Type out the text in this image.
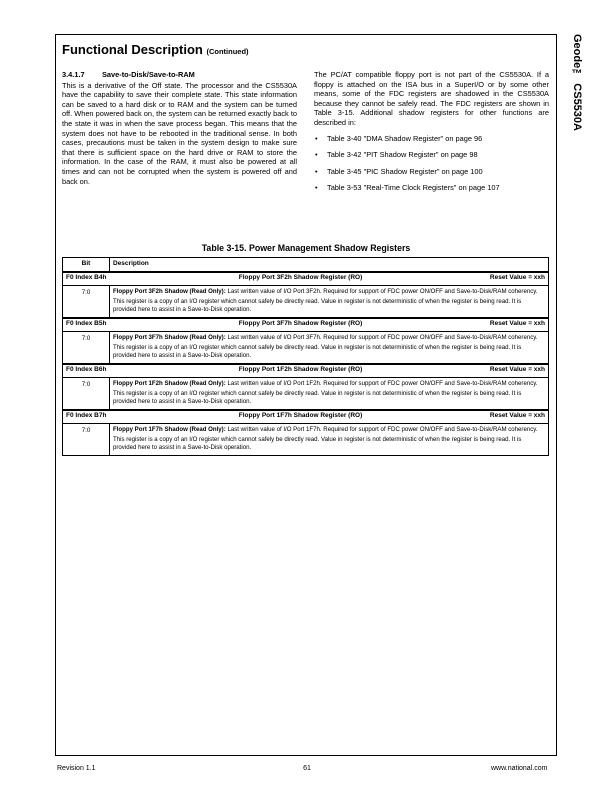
Geode™ CS5530A
Functional Description (Continued)
3.4.1.7 Save-to-Disk/Save-to-RAM
This is a derivative of the Off state. The processor and the CS5530A have the capability to save their complete state. This state information can be saved to a hard disk or to RAM and the system can be turned off. When powered back on, the system can be returned exactly back to the state it was in when the save process began. This means that the system does not have to be rebooted in the traditional sense. In both cases, precautions must be taken in the system design to make sure that there is sufficient space on the hard drive or RAM to store the information. In the case of the RAM, it must also be powered at all times and can not be corrupted when the system is powered off and back on.
The PC/AT compatible floppy port is not part of the CS5530A. If a floppy is attached on the ISA bus in a SuperI/O or by some other means, some of the FDC registers are shadowed in the CS5530A because they cannot be safely read. The FDC registers are shown in Table 3-15. Additional shadow registers for other functions are described in:
• Table 3-40 "DMA Shadow Register" on page 96
• Table 3-42 "PIT Shadow Register" on page 98
• Table 3-45 "PIC Shadow Register" on page 100
• Table 3-53 "Real-Time Clock Registers" on page 107
Table 3-15. Power Management Shadow Registers
Bit	Description

F0 Index B4h Floppy Port 3F2h Shadow Register (RO) Reset Value = xxh	

7:0	Floppy Port 3F2h Shadow (Read Only): Last written value of I/O Port 3F2h. Required for support of FDC power ON/OFF and Save-to-Disk/RAM coherency.

This register is a copy of an I/O register which cannot safely be directly read. Value in register is not deterministic of when the register is being read. It is provided here to assist in a Save-to-Disk operation.

F0 Index B5h Floppy Port 3F7h Shadow Register (RO) Reset Value = xxh	

7:0	Floppy Port 3F7h Shadow (Read Only): Last written value of I/O Port 3F7h. Required for support of FDC power ON/OFF and Save-to-Disk/RAM coherency.

This register is a copy of an I/O register which cannot safely be directly read. Value in register is not deterministic of when the register is being read. It is provided here to assist in a Save-to-Disk operation.

F0 Index B6h Floppy Port 1F2h Shadow Register (RO) Reset Value = xxh	

7:0	Floppy Port 1F2h Shadow (Read Only): Last written value of I/O Port 1F2h. Required for support of FDC power ON/OFF and Save-to-Disk/RAM coherency.

This register is a copy of an I/O register which cannot safely be directly read. Value in register is not deterministic of when the register is being read. It is provided here to assist in a Save-to-Disk operation.

F0 Index B7h Floppy Port 1F7h Shadow Register (RO) Reset Value = xxh	

7:0	Floppy Port 1F7h Shadow (Read Only): Last written value of I/O Port 1F7h. Required for support of FDC power ON/OFF and Save-to-Disk/RAM coherency.

This register is a copy of an I/O register which cannot safely be directly read. Value in register is not deterministic of when the register is being read. It is provided here to assist in a Save-to-Disk operation.

Revision 1.1	61	www.national.com
